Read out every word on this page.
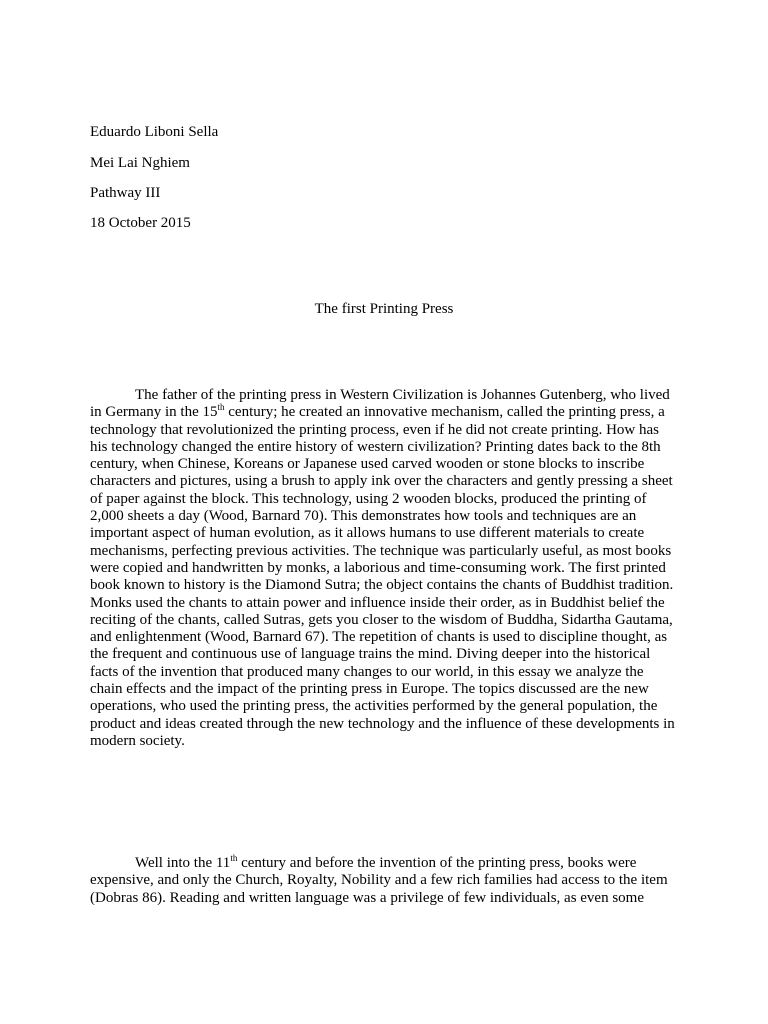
Eduardo Liboni Sella
Mei Lai Nghiem
Pathway III
18 October 2015
The first Printing Press
The father of the printing press in Western Civilization is Johannes Gutenberg, who lived
in Germany in the 15th century; he created an innovative mechanism, called the printing press, a
technology that revolutionized the printing process, even if he did not create printing. How has
his technology changed the entire history of western civilization? Printing dates back to the 8th
century, when Chinese, Koreans or Japanese used carved wooden or stone blocks to inscribe
characters and pictures, using a brush to apply ink over the characters and gently pressing a sheet
of paper against the block. This technology, using 2 wooden blocks, produced the printing of
2,000 sheets a day (Wood, Barnard 70). This demonstrates how tools and techniques are an
important aspect of human evolution, as it allows humans to use different materials to create
mechanisms, perfecting previous activities. The technique was particularly useful, as most books
were copied and handwritten by monks, a laborious and time-consuming work. The first printed
book known to history is the Diamond Sutra; the object contains the chants of Buddhist tradition.
Monks used the chants to attain power and influence inside their order, as in Buddhist belief the
reciting of the chants, called Sutras, gets you closer to the wisdom of Buddha, Sidartha Gautama,
and enlightenment (Wood, Barnard 67). The repetition of chants is used to discipline thought, as
the frequent and continuous use of language trains the mind. Diving deeper into the historical
facts of the invention that produced many changes to our world, in this essay we analyze the
chain effects and the impact of the printing press in Europe. The topics discussed are the new
operations, who used the printing press, the activities performed by the general population, the
product and ideas created through the new technology and the influence of these developments in
modern society.
Well into the 11th century and before the invention of the printing press, books were
expensive, and only the Church, Royalty, Nobility and a few rich families had access to the item
(Dobras 86). Reading and written language was a privilege of few individuals, as even some
